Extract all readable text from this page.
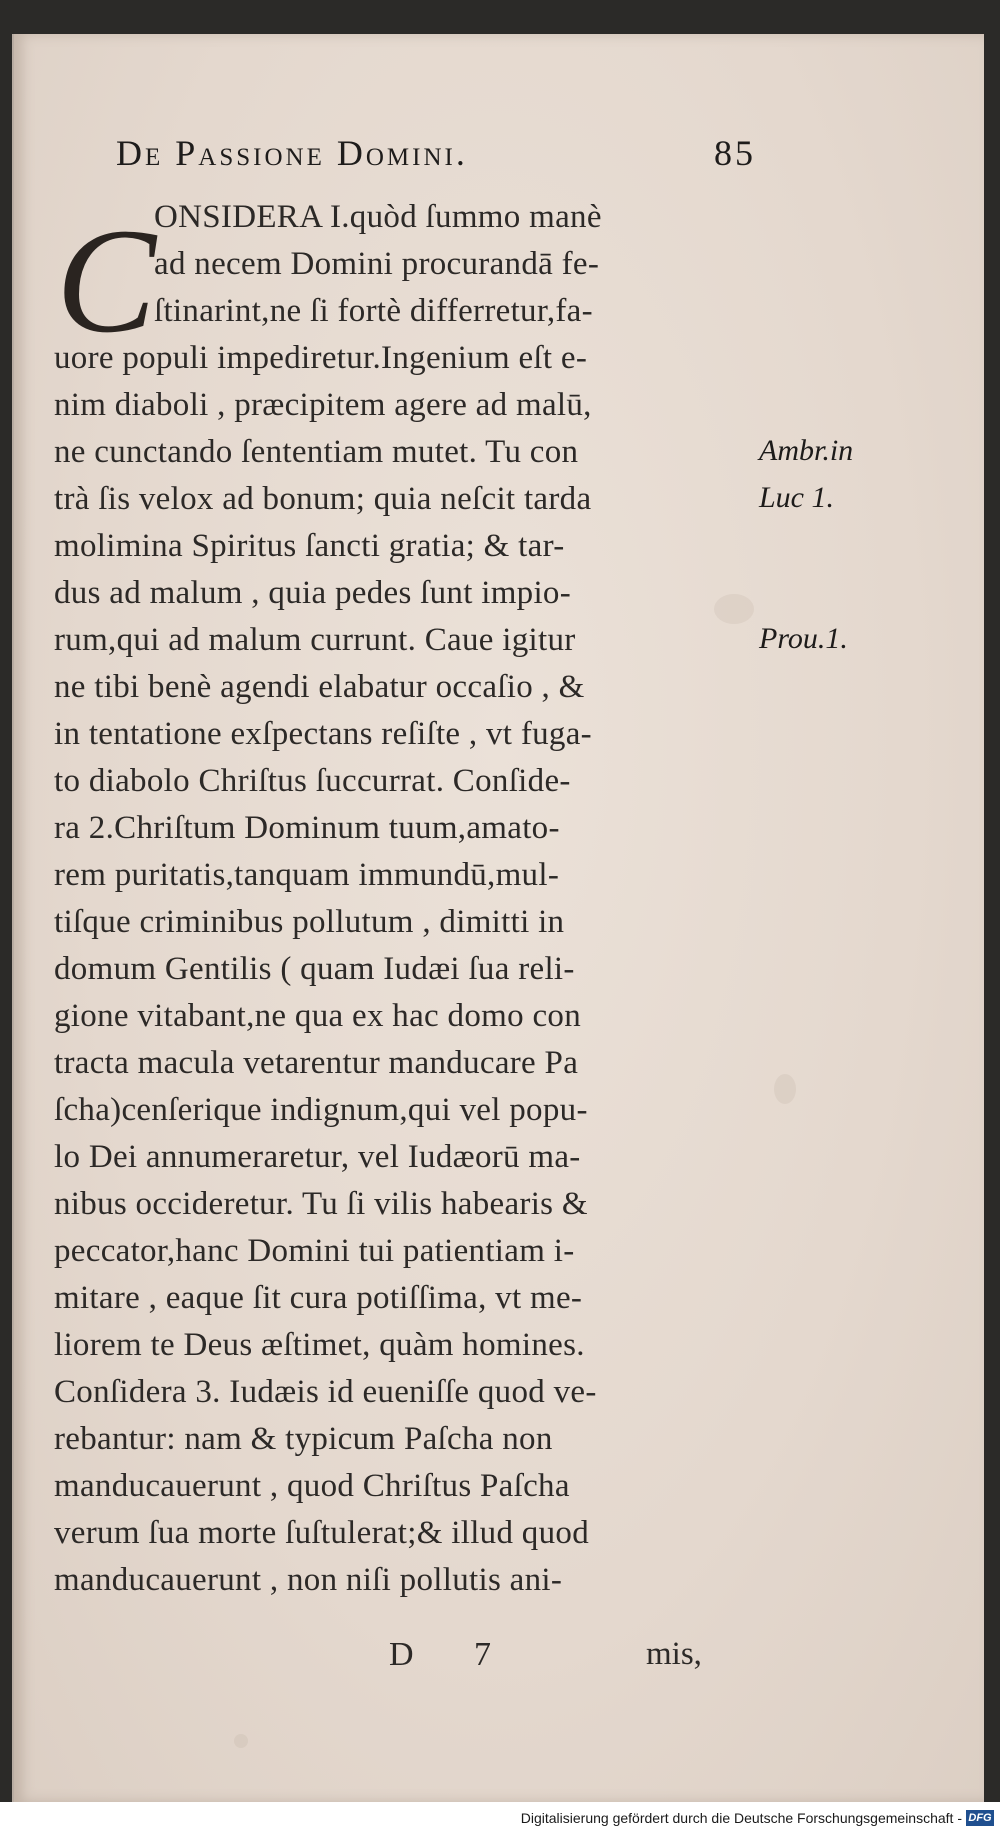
De Passione Domini.	85
C
ONSIDERA I.quòd ſummo manè
ad necem Domini procurandā fe-
ſtinarint,ne ſi fortè differretur,fa-
uore populi impediretur.Ingenium eſt e-
nim diaboli , præcipitem agere ad malū,
ne cunctando ſententiam mutet. Tu con
trà ſis velox ad bonum; quia neſcit tarda
molimina Spiritus ſancti gratia; & tar-
dus ad malum , quia pedes ſunt impio-
rum,qui ad malum currunt. Caue igitur
ne tibi benè agendi elabatur occaſio , &
in tentatione exſpectans reſiſte , vt fuga-
to diabolo Chriſtus ſuccurrat. Conſide-
ra 2.Chriſtum Dominum tuum,amato-
rem puritatis,tanquam immundū,mul-
tiſque criminibus pollutum , dimitti in
domum Gentilis ( quam Iudæi ſua reli-
gione vitabant,ne qua ex hac domo con
tracta macula vetarentur manducare Pa
ſcha)cenſerique indignum,qui vel popu-
lo Dei annumeraretur, vel Iudæorū ma-
nibus occideretur. Tu ſi vilis habearis &
peccator,hanc Domini tui patientiam i-
mitare , eaque ſit cura potiſſima, vt me-
liorem te Deus æſtimet, quàm homines.
Conſidera 3. Iudæis id eueniſſe quod ve-
rebantur: nam & typicum Paſcha non
manducauerunt , quod Chriſtus Paſcha
verum ſua morte ſuſtulerat;& illud quod
manducauerunt , non niſi pollutis ani-
Ambr.in
Luc 1.
Prou.1.
D 7	mis,
Digitalisierung gefördert durch die Deutsche Forschungsgemeinschaft - DFG
